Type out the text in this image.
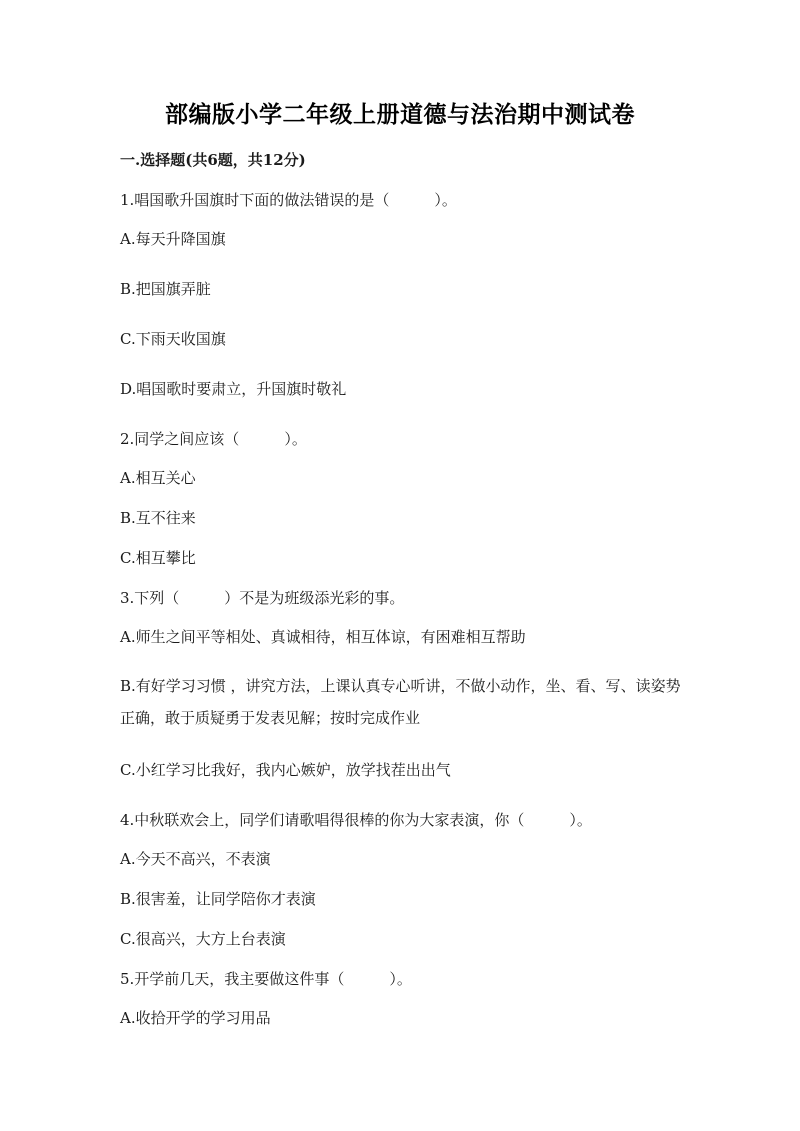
部编版小学二年级上册道德与法治期中测试卷
一.选择题(共6题，共12分)
1.唱国歌升国旗时下面的做法错误的是（　　　）。
A.每天升降国旗
B.把国旗弄脏
C.下雨天收国旗
D.唱国歌时要肃立，升国旗时敬礼
2.同学之间应该（　　　）。
A.相互关心
B.互不往来
C.相互攀比
3.下列（　　　）不是为班级添光彩的事。
A.师生之间平等相处、真诚相待，相互体谅，有困难相互帮助
B.有好学习习惯 ，讲究方法，上课认真专心听讲，不做小动作，坐、看、写、读姿势正确，敢于质疑勇于发表见解；按时完成作业
C.小红学习比我好，我内心嫉妒，放学找茬出出气
4.中秋联欢会上，同学们请歌唱得很棒的你为大家表演，你（　　　）。
A.今天不高兴，不表演
B.很害羞，让同学陪你才表演
C.很高兴，大方上台表演
5.开学前几天，我主要做这件事（　　　）。
A.收拾开学的学习用品
